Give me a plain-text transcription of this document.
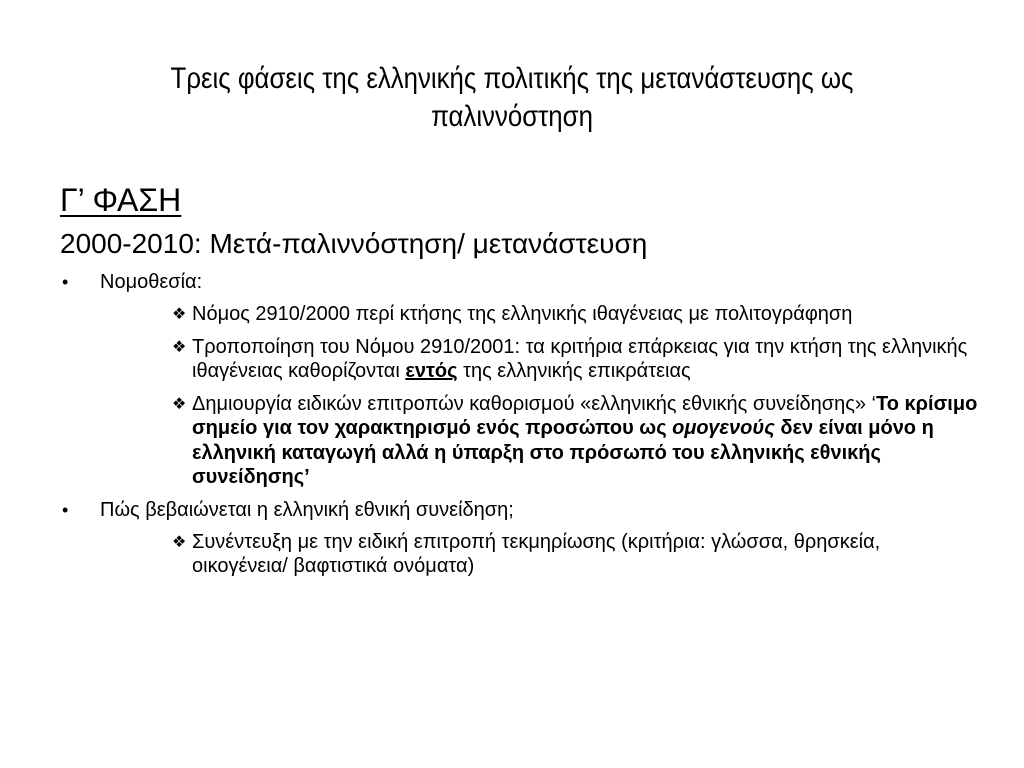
Τρεις φάσεις της ελληνικής πολιτικής της μετανάστευσης ως παλιννόστηση
Γ’ ΦΑΣΗ
2000-2010: Μετά-παλιννόστηση/ μετανάστευση
• Νομοθεσία:
❖ Νόμος 2910/2000 περί κτήσης της ελληνικής ιθαγένειας με πολιτογράφηση
❖ Τροποποίηση του Νόμου 2910/2001: τα κριτήρια επάρκειας για την κτήση της ελληνικής ιθαγένειας καθορίζονται εντός της ελληνικής επικράτειας
❖ Δημιουργία ειδικών επιτροπών καθορισμού «ελληνικής εθνικής συνείδησης» ‘Το κρίσιμο σημείο για τον χαρακτηρισμό ενός προσώπου ως ομογενούς δεν είναι μόνο η ελληνική καταγωγή αλλά η ύπαρξη στο πρόσωπό του ελληνικής εθνικής συνείδησης’
• Πώς βεβαιώνεται η ελληνική εθνική συνείδηση;
❖ Συνέντευξη με την ειδική επιτροπή τεκμηρίωσης (κριτήρια: γλώσσα, θρησκεία, οικογένεια/ βαφτιστικά ονόματα)
